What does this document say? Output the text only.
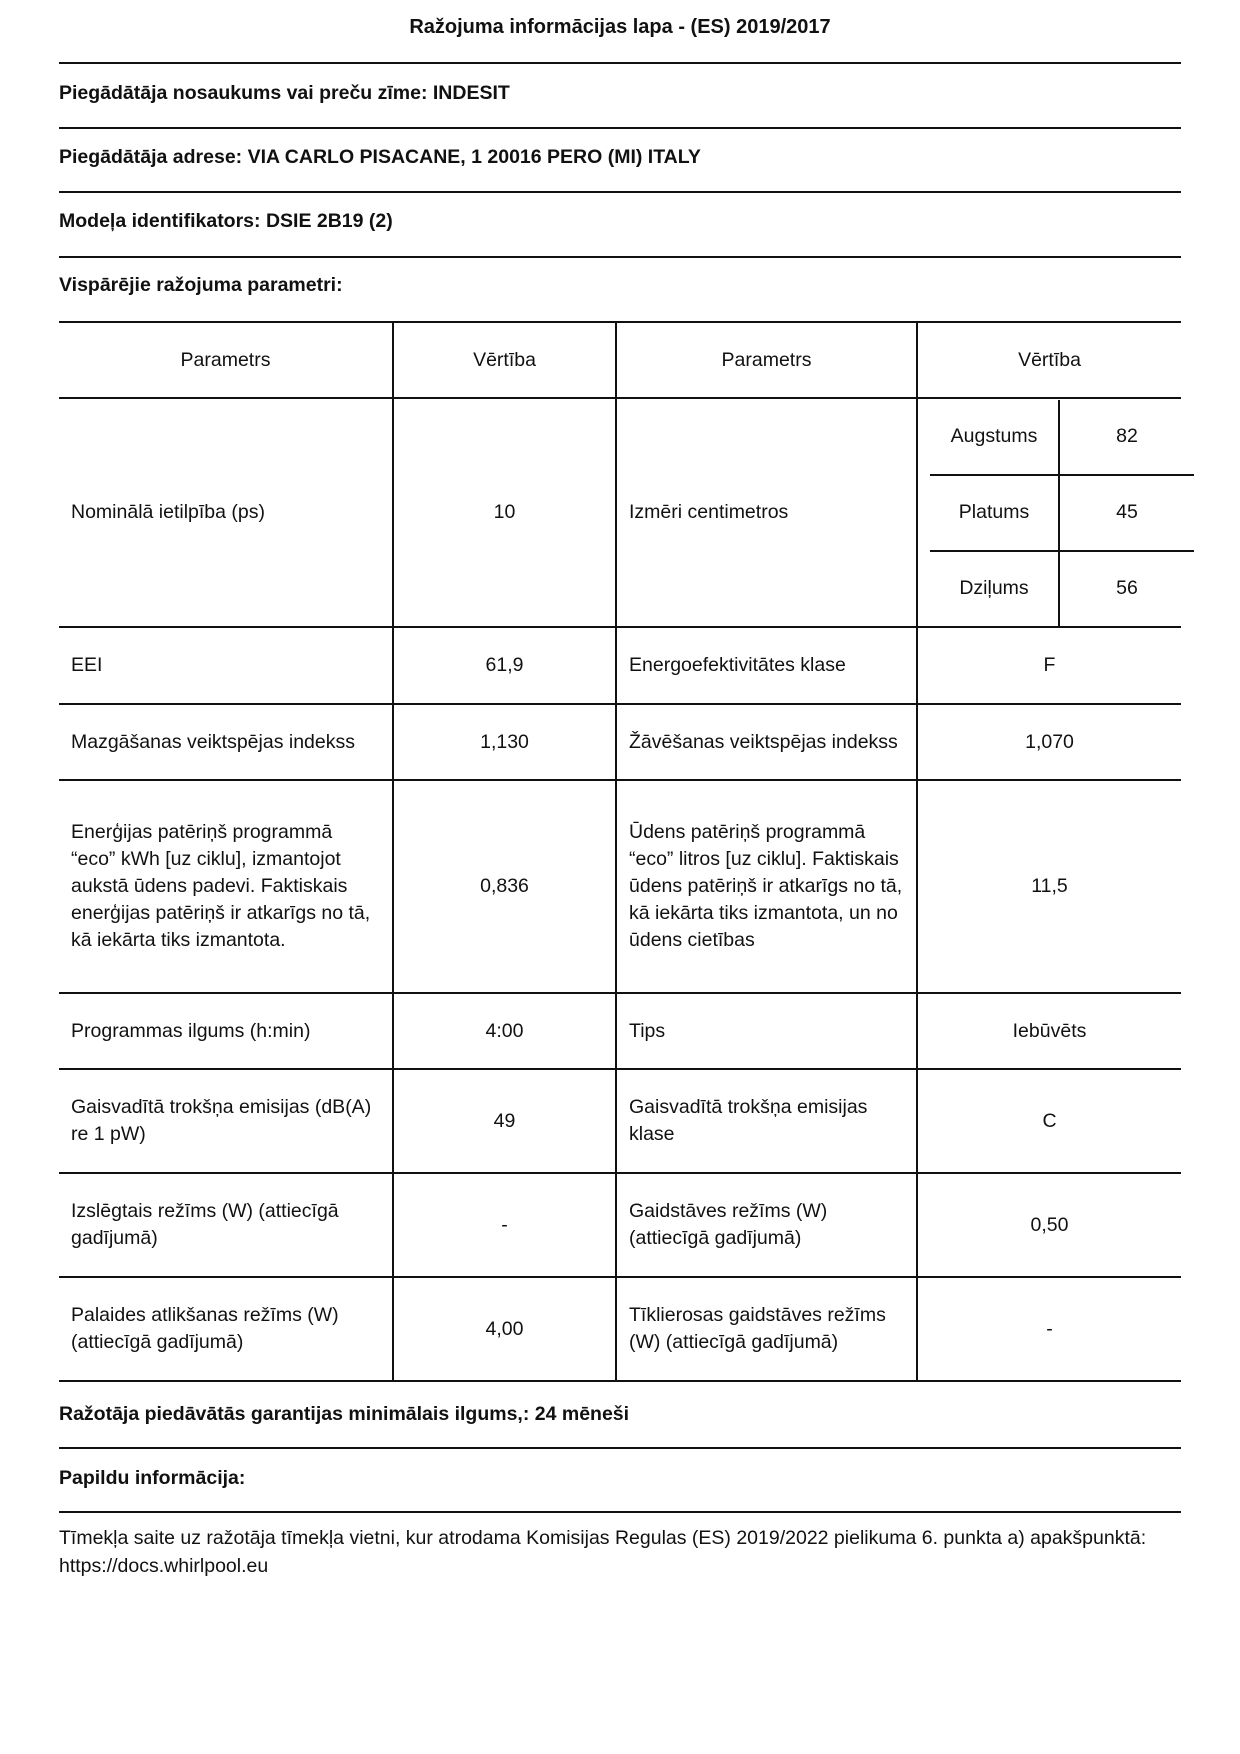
Ražojuma informācijas lapa - (ES) 2019/2017
Piegādātāja nosaukums vai preču zīme: INDESIT
Piegādātāja adrese: VIA CARLO PISACANE, 1 20016 PERO (MI) ITALY
Modeļa identifikators: DSIE 2B19 (2)
Vispārējie ražojuma parametri:
Parametrs	Vērtība	Parametrs	Vērtība
Nominālā ietilpība (ps)	10	Izmēri centimetros	
Augstums	82
Platums	45
Dziļums	56

EEI	61,9	Energoefektivitātes klase	F
Mazgāšanas veiktspējas indekss	1,130	Žāvēšanas veiktspējas indekss	1,070
Enerģijas patēriņš programmā “eco” kWh [uz ciklu], izmantojot aukstā ūdens padevi. Faktiskais enerģijas patēriņš ir atkarīgs no tā, kā iekārta tiks izmantota.	0,836	Ūdens patēriņš programmā “eco” litros [uz ciklu]. Faktiskais ūdens patēriņš ir atkarīgs no tā, kā iekārta tiks izmantota, un no ūdens cietības	11,5
Programmas ilgums (h:min)	4:00	Tips	Iebūvēts
Gaisvadītā trokšņa emisijas (dB(A) re 1 pW)	49	Gaisvadītā trokšņa emisijas klase	C
Izslēgtais režīms (W) (attiecīgā gadījumā)	-	Gaidstāves režīms (W) (attiecīgā gadījumā)	0,50
Palaides atlikšanas režīms (W) (attiecīgā gadījumā)	4,00	Tīklierosas gaidstāves režīms (W) (attiecīgā gadījumā)	-
Ražotāja piedāvātās garantijas minimālais ilgums,: 24 mēneši
Papildu informācija:
Tīmekļa saite uz ražotāja tīmekļa vietni, kur atrodama Komisijas Regulas (ES) 2019/2022 pielikuma 6. punkta a) apakšpunktā: https://docs.whirlpool.eu
